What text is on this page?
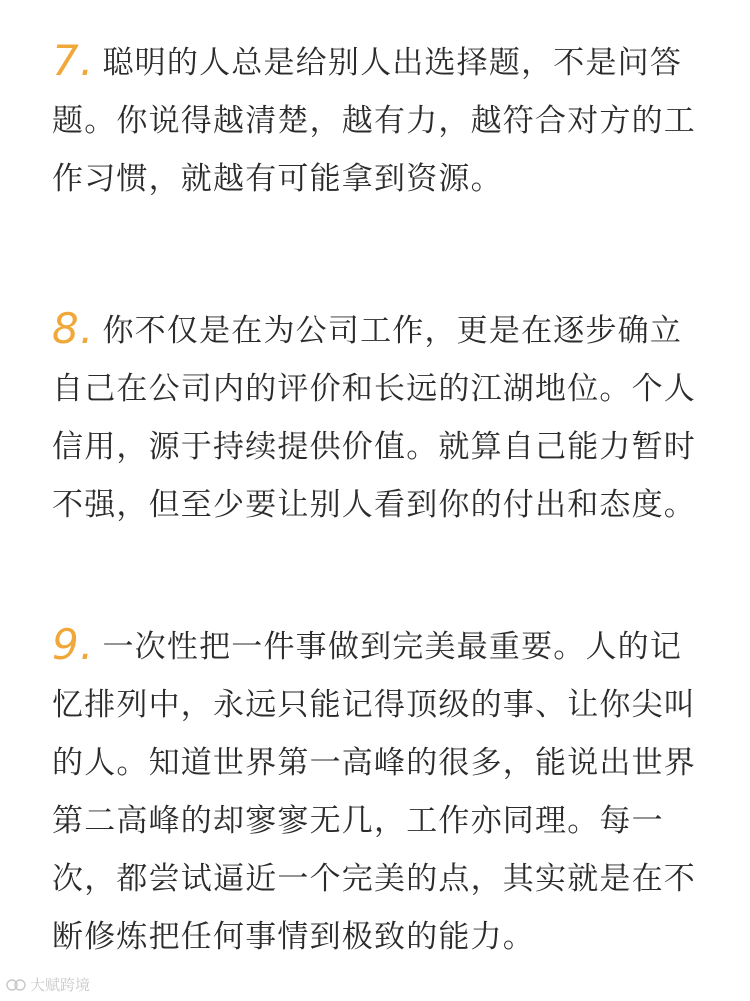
7. 聪明的人总是给别人出选择题，不是问答题。你说得越清楚，越有力，越符合对方的工作习惯，就越有可能拿到资源。

8. 你不仅是在为公司工作，更是在逐步确立自己在公司内的评价和长远的江湖地位。个人信用，源于持续提供价值。就算自己能力暂时不强，但至少要让别人看到你的付出和态度。

9. 一次性把一件事做到完美最重要。人的记忆排列中，永远只能记得顶级的事、让你尖叫的人。知道世界第一高峰的很多，能说出世界第二高峰的却寥寥无几，工作亦同理。每一次，都尝试逼近一个完美的点，其实就是在不断修炼把任何事情到极致的能力。

大赋跨境
